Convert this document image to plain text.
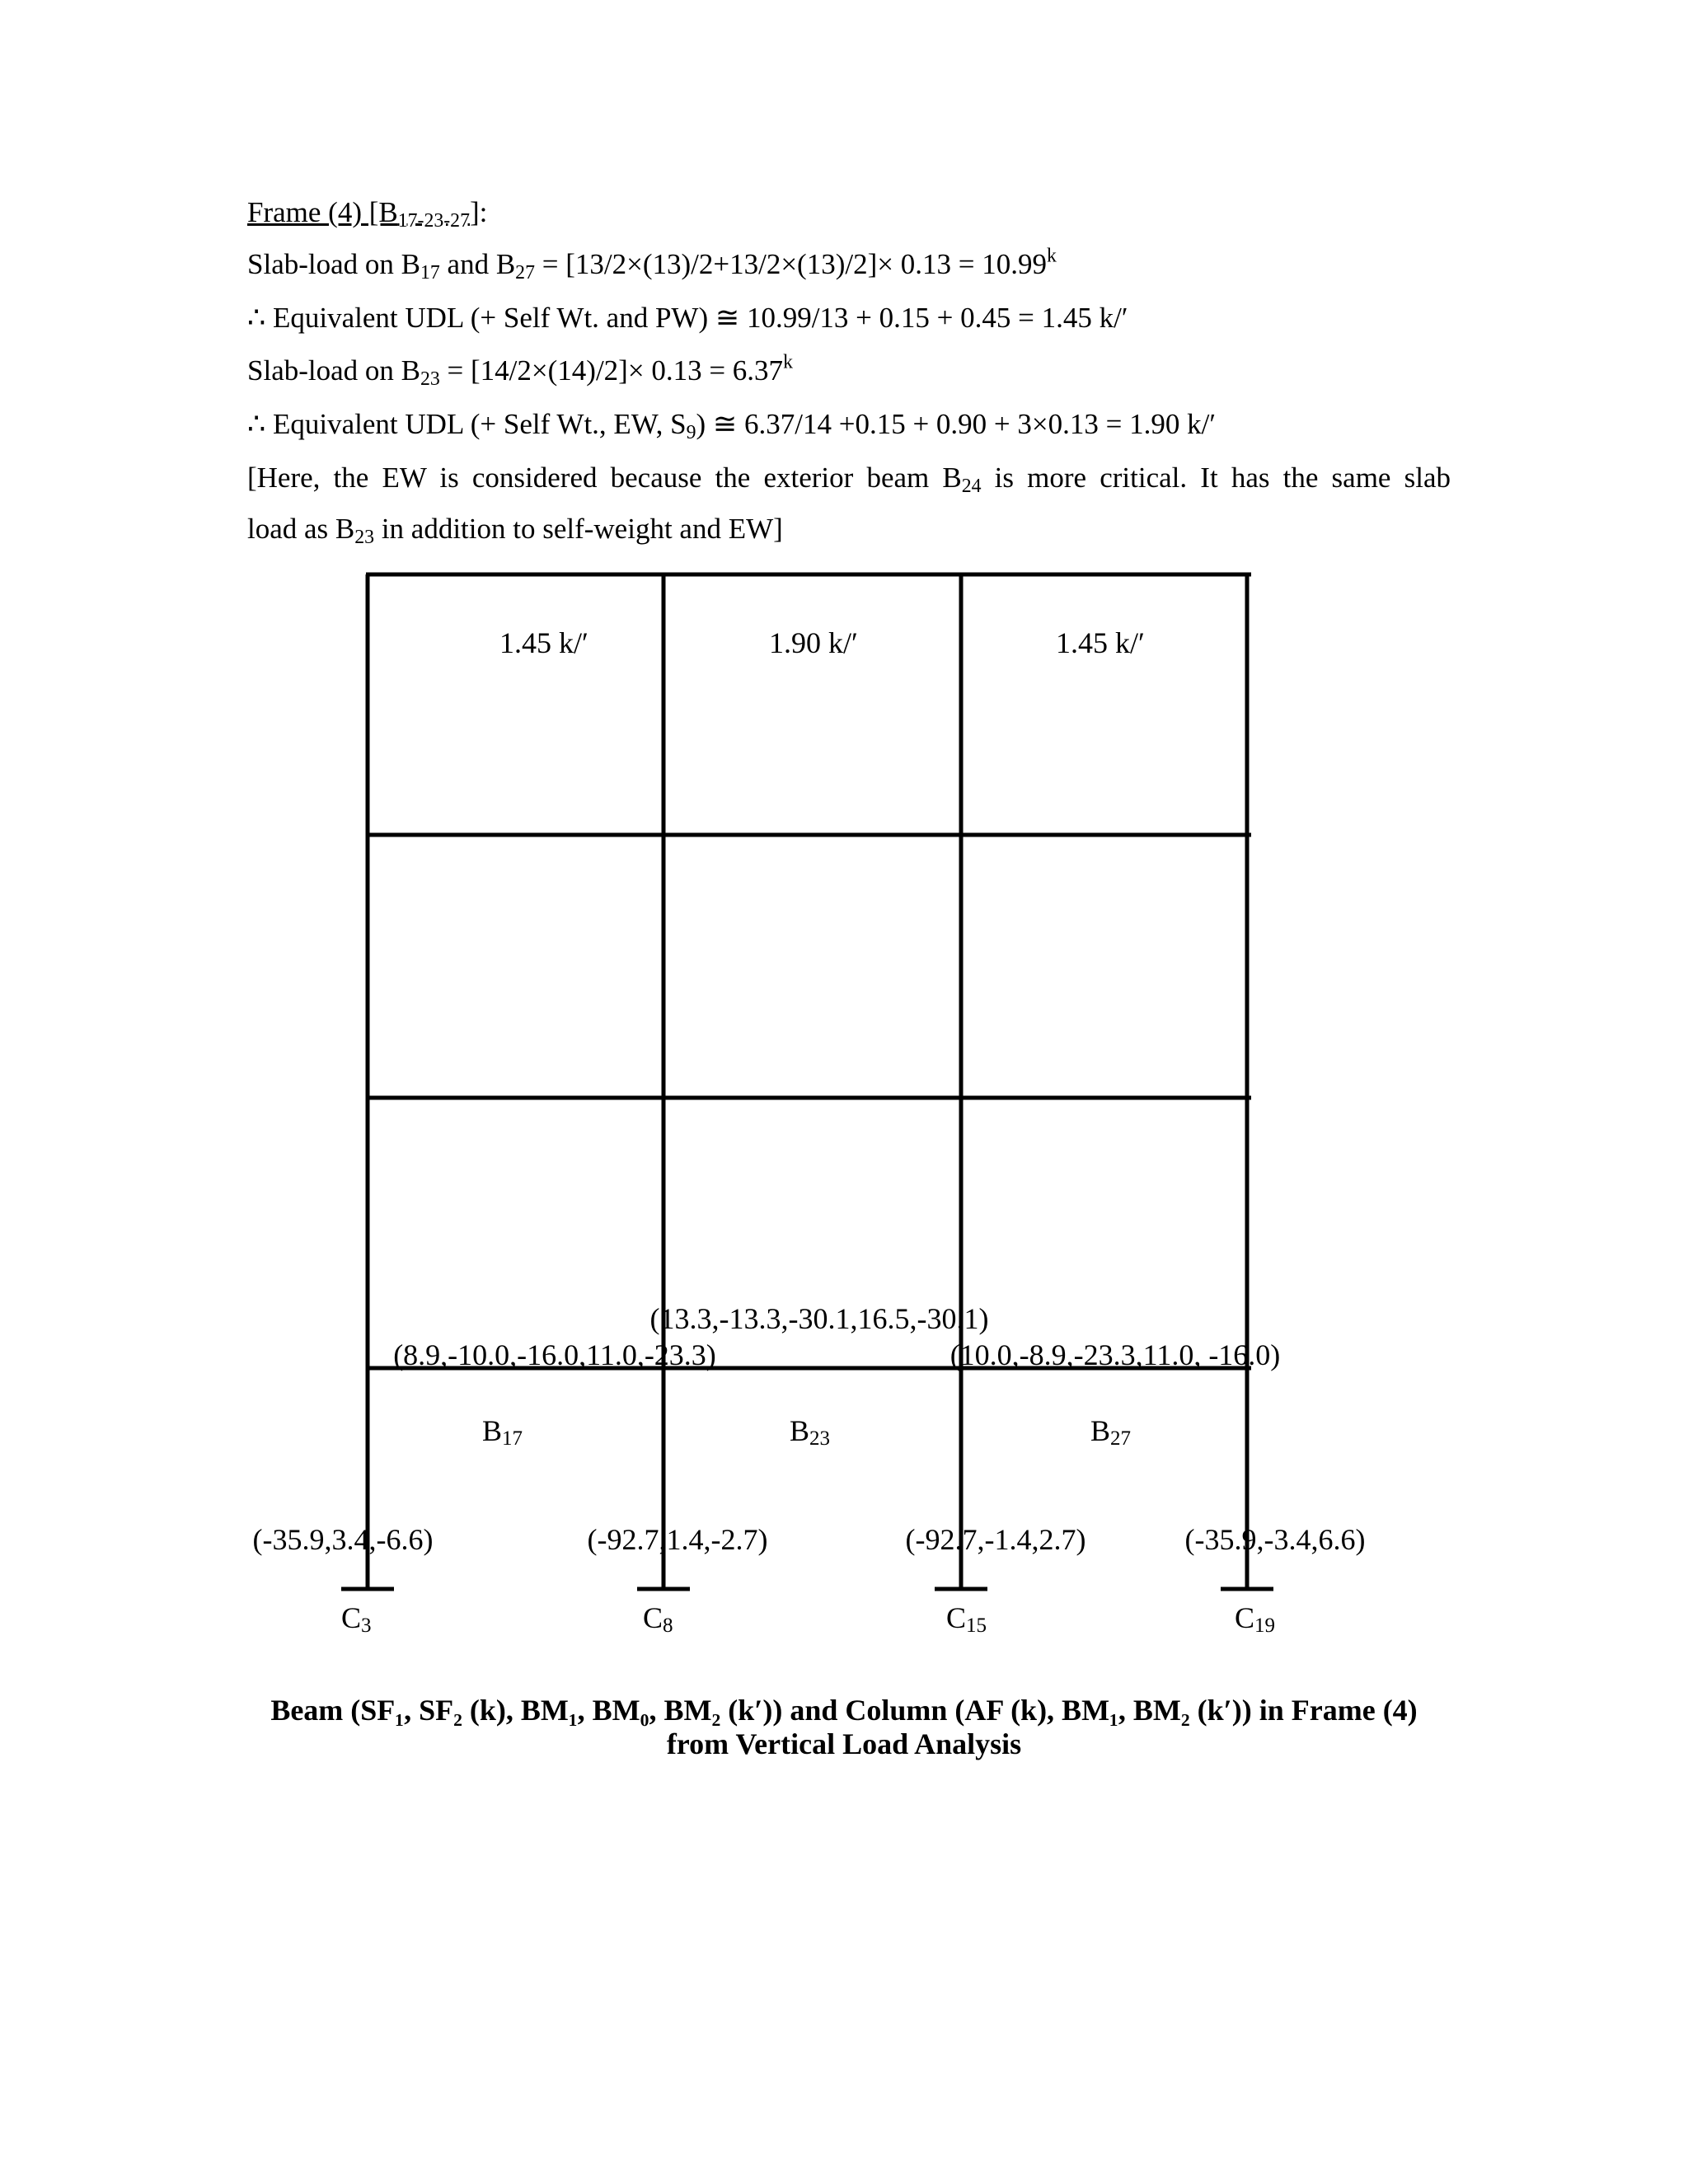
Frame (4) $[B_{17-23-27}]$:
Slab-load on $B_{17}$ and $B_{27} = [13/2\times(13)/2+13/2\times(13)/2]\times 0.13 = 10.99^k$
∴ Equivalent UDL (+ Self Wt. and PW) ≅ 10.99/13 + 0.15 + 0.45 = 1.45 k/′
Slab-load on $B_{23} = [14/2\times(14)/2]\times 0.13 = 6.37^k$
∴ Equivalent UDL (+ Self Wt., EW, $S_9$) ≅ 6.37/14 +0.15 + 0.90 + 3×0.13 = 1.90 k/′
[Here, the EW is considered because the exterior beam $B_{24}$ is more critical. It has the same slab
load as $B_{23}$ in addition to self-weight and EW]
1.45 k/′	1.90 k/′	1.45 k/′
(13.3,-13.3,-30.1,16.5,-30.1)
(8.9,-10.0,-16.0,11.0,-23.3)	(10.0,-8.9,-23.3,11.0, -16.0)
B17	B23	B27
(-35.9,3.4,-6.6)	(-92.7,1.4,-2.7)	(-92.7,-1.4,2.7)	(-35.9,-3.4,6.6)
C3	C8	C15	C19
Beam (SF₁, SF₂ (k), BM₁, BM₀, BM₂ (k′)) and Column (AF (k), BM₁, BM₂ (k′)) in Frame (4)
from Vertical Load Analysis
